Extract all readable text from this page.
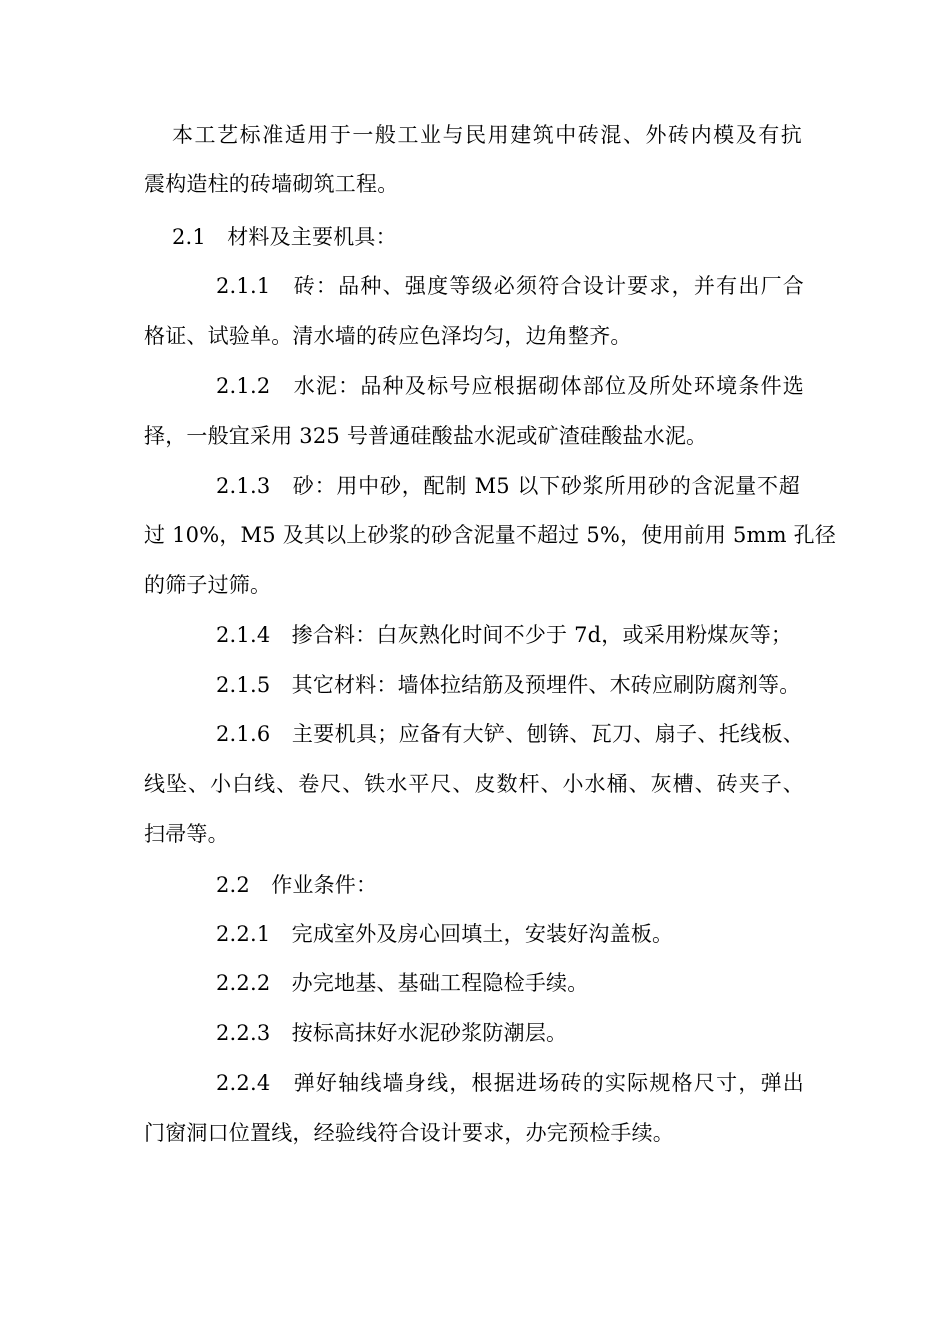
本工艺标准适用于一般工业与民用建筑中砖混、外砖内模及有抗
震构造柱的砖墙砌筑工程。
2.1　材料及主要机具：
2.1.1　砖：品种、强度等级必须符合设计要求，并有出厂合
格证、试验单。清水墙的砖应色泽均匀，边角整齐。
2.1.2　水泥：品种及标号应根据砌体部位及所处环境条件选
择，一般宜采用 325 号普通硅酸盐水泥或矿渣硅酸盐水泥。
2.1.3　砂：用中砂，配制 M5 以下砂浆所用砂的含泥量不超
过 10%，M5 及其以上砂浆的砂含泥量不超过 5%，使用前用 5mm 孔径
的筛子过筛。
2.1.4　掺合料：白灰熟化时间不少于 7d，或采用粉煤灰等；
2.1.5　其它材料：墙体拉结筋及预埋件、木砖应刷防腐剂等。
2.1.6　主要机具；应备有大铲、刨锛、瓦刀、扇子、托线板、
线坠、小白线、卷尺、铁水平尺、皮数杆、小水桶、灰槽、砖夹子、
扫帚等。
2.2　作业条件：
2.2.1　完成室外及房心回填土，安装好沟盖板。
2.2.2　办完地基、基础工程隐检手续。
2.2.3　按标高抹好水泥砂浆防潮层。
2.2.4　弹好轴线墙身线，根据进场砖的实际规格尺寸，弹出
门窗洞口位置线，经验线符合设计要求，办完预检手续。
